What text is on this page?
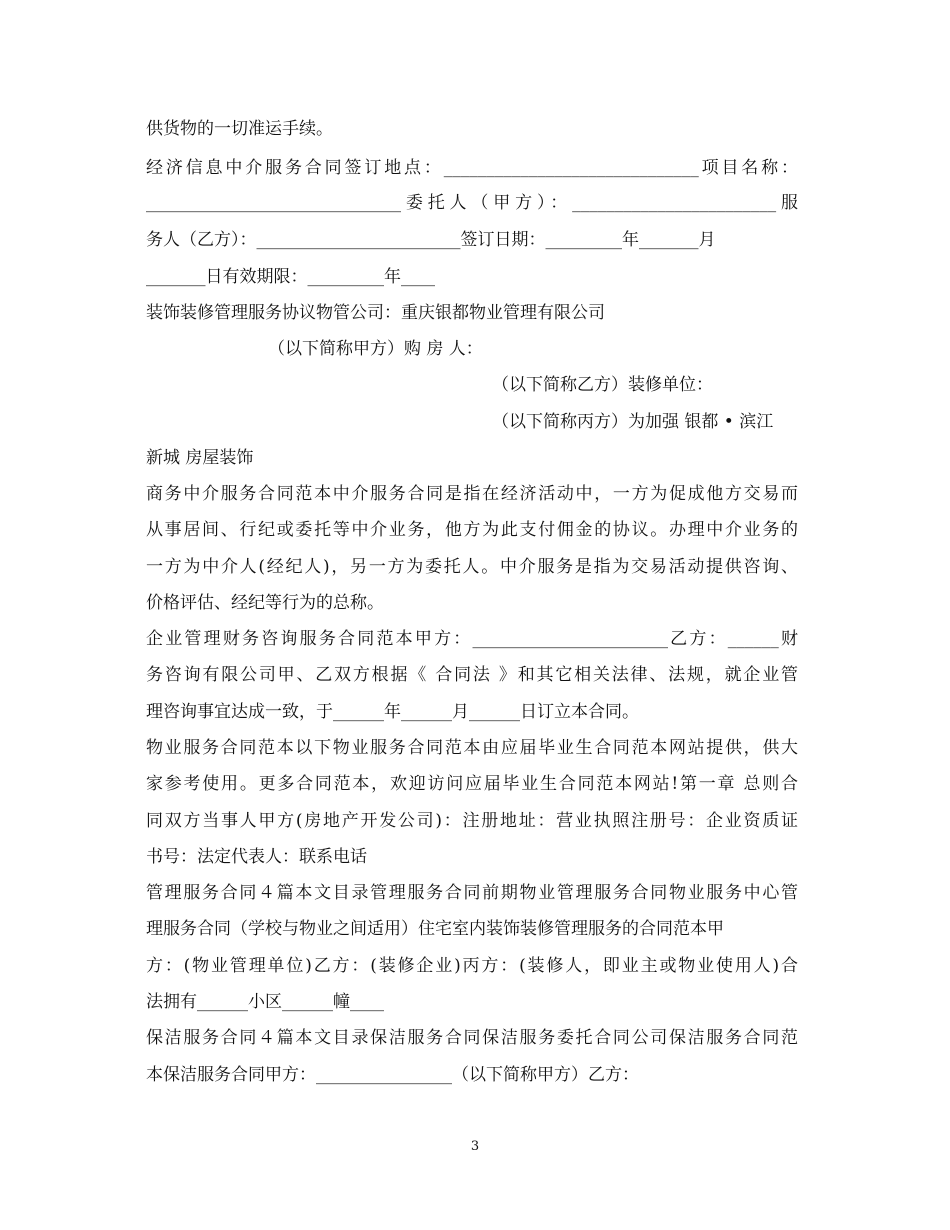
供货物的一切准运手续。
经济信息中介服务合同签订地点：______________________________项目名称：
______________________________委托人（甲方）：________________________服
务人（乙方）：________________________签订日期：_________年_______月
_______日有效期限：_________年____
装饰装修管理服务协议物管公司：重庆银都物业管理有限公司
（以下简称甲方）购 房 人：
（以下简称乙方）装修单位：
（以下简称丙方）为加强 银都 • 滨江
新城 房屋装饰
商务中介服务合同范本中介服务合同是指在经济活动中，一方为促成他方交易而
从事居间、行纪或委托等中介业务，他方为此支付佣金的协议。办理中介业务的
一方为中介人(经纪人)，另一方为委托人。中介服务是指为交易活动提供咨询、
价格评估、经纪等行为的总称。
企业管理财务咨询服务合同范本甲方：_______________________乙方：______财
务咨询有限公司甲、乙双方根据《 合同法 》和其它相关法律、法规，就企业管
理咨询事宜达成一致，于______年______月______日订立本合同。
物业服务合同范本以下物业服务合同范本由应届毕业生合同范本网站提供，供大
家参考使用。更多合同范本，欢迎访问应届毕业生合同范本网站!第一章 总则合
同双方当事人甲方(房地产开发公司)：注册地址：营业执照注册号：企业资质证
书号：法定代表人：联系电话
管理服务合同４篇本文目录管理服务合同前期物业管理服务合同物业服务中心管
理服务合同（学校与物业之间适用）住宅室内装饰装修管理服务的合同范本甲
方：(物业管理单位)乙方：(装修企业)丙方：(装修人，即业主或物业使用人)合
法拥有______小区______幢____
保洁服务合同４篇本文目录保洁服务合同保洁服务委托合同公司保洁服务合同范
本保洁服务合同甲方：________________（以下简称甲方）乙方：
3
